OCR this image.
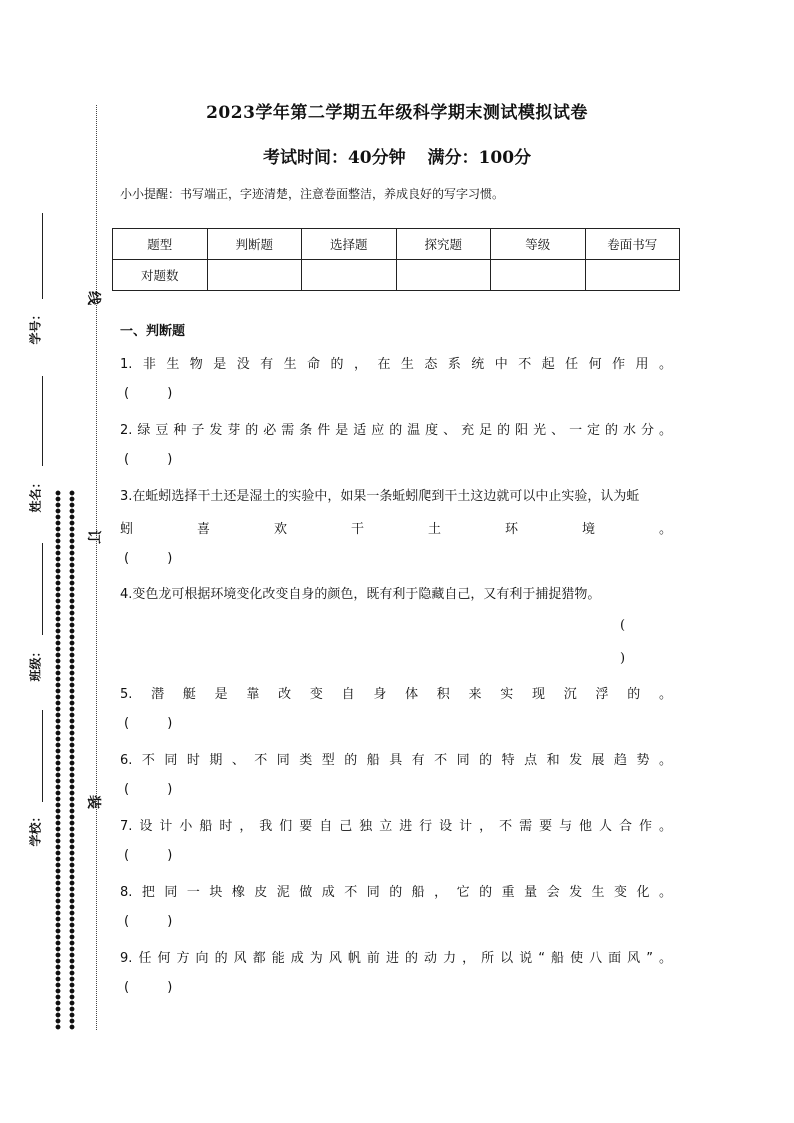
学号：
姓名：
班级：
学校：
线
订
装
2023学年第二学期五年级科学期末测试模拟试卷
考试时间：40分钟 满分：100分
小小提醒：书写端正，字迹清楚，注意卷面整洁，养成良好的写字习惯。
题型	判断题	选择题	探究题	等级	卷面书写
对题数					
一、判断题
1.非生物是没有生命的，在生态系统中不起任何作用。
( )
2.绿豆种子发芽的必需条件是适应的温度、充足的阳光、一定的水分。
( )
3.在蚯蚓选择干土还是湿土的实验中，如果一条蚯蚓爬到干土这边就可以中止实验，认为蚯
蚓喜欢干土环境。
( )
4.变色龙可根据环境变化改变自身的颜色，既有利于隐藏自己，又有利于捕捉猎物。
(
)
5.潜艇是靠改变自身体积来实现沉浮的。
( )
6.不同时期、不同类型的船具有不同的特点和发展趋势。
( )
7.设计小船时，我们要自己独立进行设计，不需要与他人合作。
( )
8.把同一块橡皮泥做成不同的船，它的重量会发生变化。
( )
9.任何方向的风都能成为风帆前进的动力，所以说“船使八面风”。
( )
